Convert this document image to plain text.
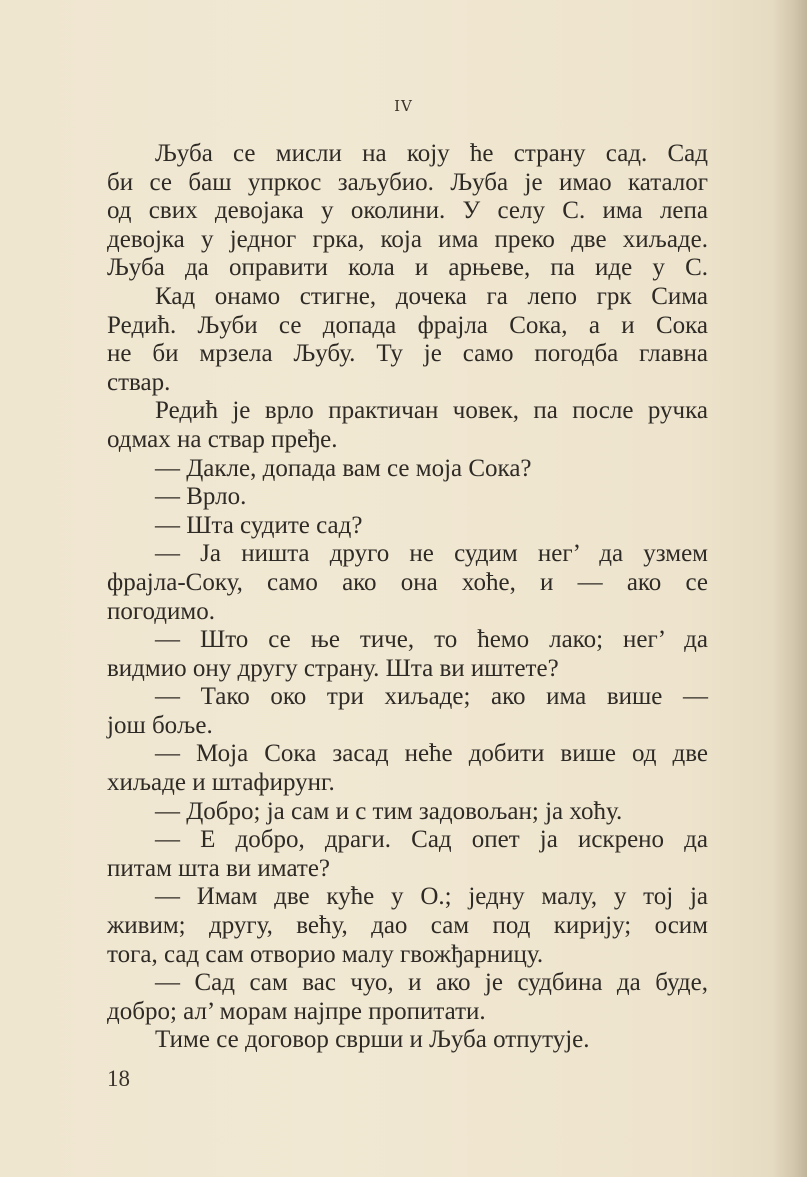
IV
Љуба се мисли на коју ће страну сад. Сад
би се баш упркос заљубио. Љуба је имао каталог
од свих девојака у околини. У селу С. има лепа
девојка у једног грка, која има преко две хиљаде.
Љуба да оправити кола и арњеве, па иде у С.
Кад онамо стигне, дочека га лепо грк Сима
Редић. Љуби се допада фрајла Сока, а и Сока
не би мрзела Љубу. Ту је само погодба главна
ствар.
Редић је врло практичан човек, па после ручка
одмах на ствар пређе.
— Дакле, допада вам се моја Сока?
— Врло.
— Шта судите сад?
— Ја ништа друго не судим нег’ да узмем
фрајла-Соку, само ако она хоће, и — ако се
погодимо.
— Што се ње тиче, то ћемо лако; нег’ да
видмио ону другу страну. Шта ви иштете?
— Тако око три хиљаде; ако има више —
још боље.
— Моја Сока засад неће добити више од две
хиљаде и штафирунг.
— Добро; ја сам и с тим задовољан; ја хоћу.
— Е добро, драги. Сад опет ја искрено да
питам шта ви имате?
— Имам две куће у О.; једну малу, у тој ја
живим; другу, већу, дао сам под кирију; осим
тога, сад сам отворио малу гвожђарницу.
— Сад сам вас чуо, и ако је судбина да буде,
добро; ал’ морам најпре пропитати.
Тиме се договор сврши и Љуба отпутује.
18
